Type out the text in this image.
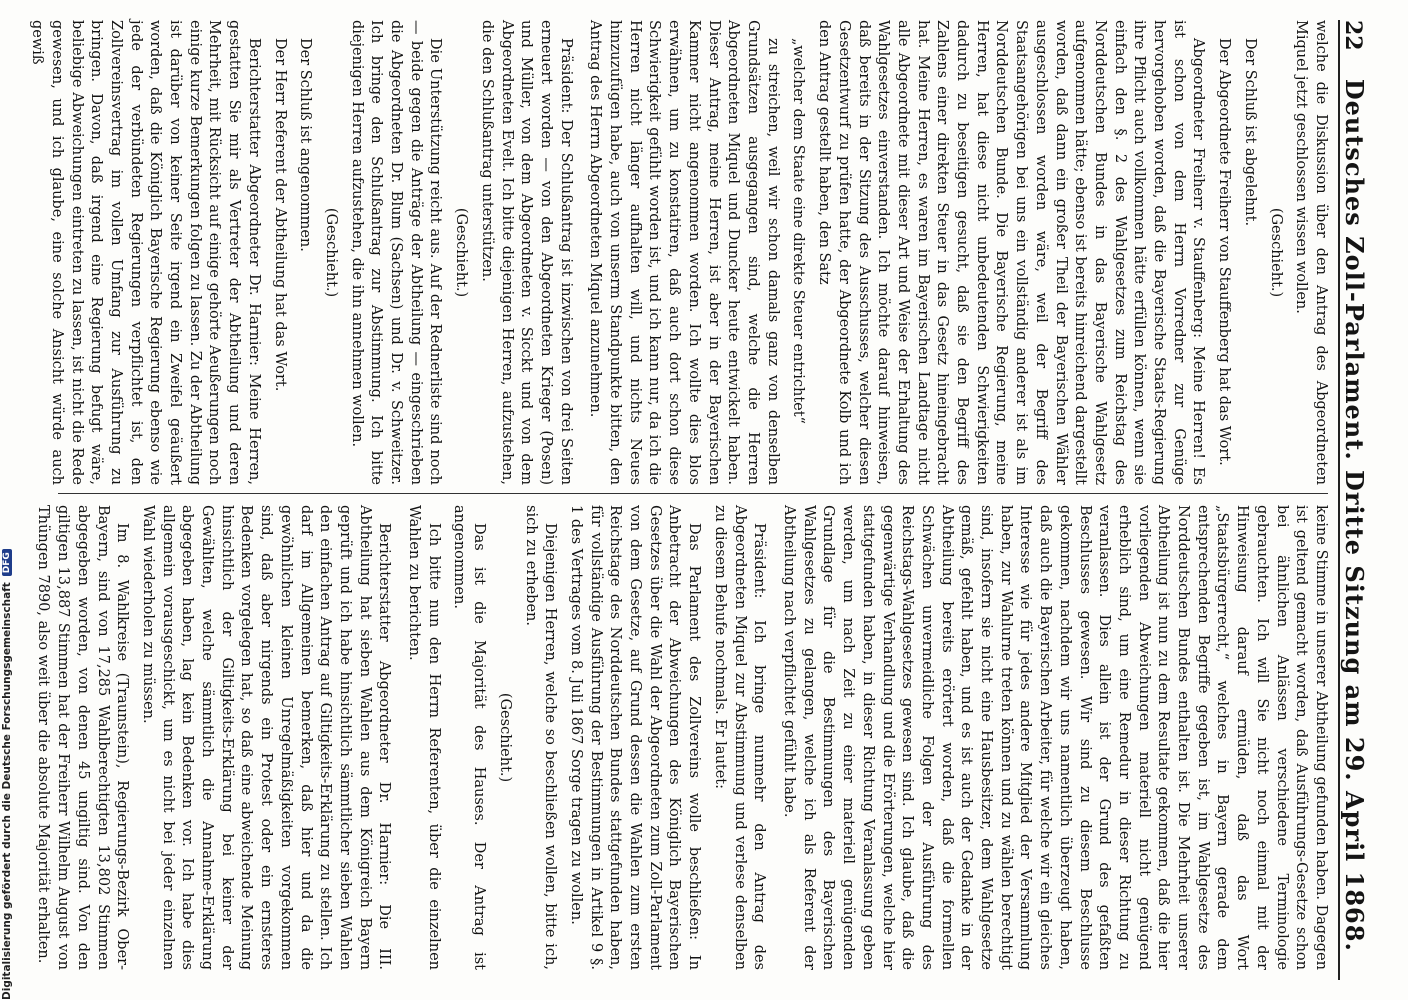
Digitalisierung gefördert durch die Deutsche Forschungsgemeinschaft
DFG
22
Deutsches Zoll-Parlament. Dritte Sitzung am 29. April 1868.

welche die Diskussion über den Antrag des Abgeordneten Miquel jetzt geschlossen wissen wollen.

(Geschieht.)

Der Schluß ist abgelehnt.

Der Abgeordnete Freiherr von Stauffenberg hat das Wort.

Abgeordneter Freiherr v. Stauffenberg: Meine Herren! Es ist schon von dem Herrn Vorredner zur Genüge hervorgehoben worden, daß die Bayerische Staats-Regierung ihre Pflicht auch vollkommen hätte erfüllen können, wenn sie einfach den §. 2 des Wahlgesetzes zum Reichstag des Norddeutschen Bundes in das Bayerische Wahlgesetz aufgenommen hätte; ebenso ist bereits hinreichend dargestellt worden, daß dann ein großer Theil der Bayerischen Wähler ausgeschlossen worden wäre, weil der Begriff des Staatsangehörigen bei uns ein vollständig anderer ist als im Norddeutschen Bunde. Die Bayerische Regierung, meine Herren, hat diese nicht unbedeutenden Schwierigkeiten dadurch zu beseitigen gesucht, daß sie den Begriff des Zahlens einer direkten Steuer in das Gesetz hineingebracht hat. Meine Herren, es waren im Bayerischen Landtage nicht alle Abgeordnete mit dieser Art und Weise der Erhaltung des Wahlgesetzes einverstanden. Ich möchte darauf hinweisen, daß bereits in der Sitzung des Ausschusses, welcher diesen Gesetzentwurf zu prüfen hatte, der Abgeordnete Kolb und ich den Antrag gestellt haben, den Satz

„welcher dem Staate eine direkte Steuer entrichtet“

zu streichen, weil wir schon damals ganz von denselben Grundsätzen ausgegangen sind, welche die Herren Abgeordneten Miquel und Duncker heute entwickelt haben. Dieser Antrag, meine Herren, ist aber in der Bayerischen Kammer nicht angenommen worden. Ich wollte dies blos erwähnen, um zu konstatiren, daß auch dort schon diese Schwierigkeit gefühlt worden ist, und ich kann nur, da ich die Herren nicht länger aufhalten will, und nichts Neues hinzuzufügen habe, auch von unserm Standpunkte bitten, den Antrag des Herrn Abgeordneten Miquel anzunehmen.

Präsident: Der Schlußantrag ist inzwischen von drei Seiten erneuert worden — von den Abgeordneten Krieger (Posen) und Müller, von dem Abgeordneten v. Sicckt und von dem Abgeordneten Evelt. Ich bitte diejenigen Herren, aufzustehen, die den Schlußantrag unterstützen.

(Geschieht.)

Die Unterstützung reicht aus. Auf der Rednerliste sind noch — beide gegen die Anträge der Abtheilung — eingeschrieben die Abgeordneten Dr. Blum (Sachsen) und Dr. v. Schweitzer. Ich bringe den Schlußantrag zur Abstimmung. Ich bitte diejenigen Herren aufzustehen, die ihn annehmen wollen.

(Geschieht.)

Der Schluß ist angenommen.

Der Herr Referent der Abtheilung hat das Wort.

Berichterstatter Abgeordneter Dr. Harnier: Meine Herren, gestatten Sie mir als Vertreter der Abtheilung und deren Mehrheit, mit Rücksicht auf einige gehörte Aeußerungen noch einige kurze Bemerkungen folgen zu lassen. Zu der Abtheilung ist darüber von keiner Seite irgend ein Zweifel geäußert worden, daß die Königlich Bayerische Regierung ebenso wie jede der verbündeten Regierungen verpflichtet ist, den Zollvereinsvertrag im vollen Umfang zur Ausführung zu bringen. Davon, daß irgend eine Regierung befugt wäre, beliebige Abweichungen eintreten zu lassen, ist nicht die Rede gewesen, und ich glaube, eine solche Ansicht würde auch gewiß

keine Stimme in unserer Abtheilung gefunden haben. Dagegen ist geltend gemacht worden, daß Ausführungs-Gesetze schon bei ähnlichen Anlässen verschiedene Terminologie gebrauchten. Ich will Sie nicht noch einmal mit der Hinweisung darauf ermüden, daß das Wort „Staatsbürgerrecht,“ welches in Bayern gerade dem entsprechenden Begriffe gegeben ist, im Wahlgesetze des Norddeutschen Bundes enthalten ist. Die Mehrheit unserer Abtheilung ist nun zu dem Resultate gekommen, daß die hier vorliegenden Abweichungen materiell nicht genügend erheblich sind, um eine Remedur in dieser Richtung zu veranlassen. Dies allein ist der Grund des gefaßten Beschlusses gewesen. Wir sind zu diesem Beschlusse gekommen, nachdem wir uns namentlich überzeugt haben, daß auch die Bayerischen Arbeiter, für welche wir ein gleiches Interesse wie für jedes andere Mitglied der Versammlung haben, zur Wahlurne treten können und zu wählen berechtigt sind, insofern sie nicht eine Hausbesitzer, dem Wahlgesetze gemäß, gefehlt haben, und es ist auch der Gedanke in der Abtheilung bereits erörtert worden, daß die formellen Schwächen unvermeidliche Folgen der Ausführung des Reichstags-Wahlgesetzes gewesen sind. Ich glaube, daß die gegenwärtige Verhandlung und die Erörterungen, welche hier stattgefunden haben, in dieser Richtung Veranlassung geben werden, um nach Zeit zu einer materiell genügenden Grundlage für die Bestimmungen des Bayerischen Wahlgesetzes zu gelangen, welche ich als Referent der Abtheilung nach verpflichtet gefühlt habe.

Präsident: Ich bringe nunmehr den Antrag des Abgeordneten Miquel zur Abstimmung und verlese denselben zu diesem Behufe nochmals. Er lautet:

Das Parlament des Zollvereins wolle beschließen: In Anbetracht der Abweichungen des Königlich Bayerischen Gesetzes über die Wahl der Abgeordneten zum Zoll-Parlament von dem Gesetze, auf Grund dessen die Wahlen zum ersten Reichstage des Norddeutschen Bundes stattgefunden haben, für vollständige Ausführung der Bestimmungen in Artikel 9 §. 1 des Vertrages vom 8. Juli 1867 Sorge tragen zu wollen.

Diejenigen Herren, welche so beschließen wollen, bitte ich, sich zu erheben.

(Geschieht.)

Das ist die Majorität des Hauses. Der Antrag ist angenommen.

Ich bitte nun den Herrn Referenten, über die einzelnen Wahlen zu berichten.

Berichterstatter Abgeordneter Dr. Harnier: Die III. Abtheilung hat sieben Wahlen aus dem Königreich Bayern geprüft und ich habe hinsichtlich sämmtlicher sieben Wahlen den einfachen Antrag auf Giltigkeits-Erklärung zu stellen. Ich darf im Allgemeinen bemerken, daß hier und da die gewöhnlichen kleinen Unregelmäßigkeiten vorgekommen sind, daß aber nirgends ein Protest oder ein ernsteres Bedenken vorgelegen hat, so daß eine abweichende Meinung hinsichtlich der Giltigkeits-Erklärung bei keiner der Gewählten, welche sämmtlich die Annahme-Erklärung abgegeben haben, lag kein Bedenken vor. Ich habe dies allgemein vorausgeschickt, um es nicht bei jeder einzelnen Wahl wiederholen zu müssen.

Im 8. Wahlkreise (Traunstein), Regierungs-Bezirk Ober-Bayern, sind von 17,285 Wahlberechtigten 13,802 Stimmen abgegeben worden, von denen 45 ungiltig sind. Von den giltigen 13,887 Stimmen hat der Freiherr Wilhelm August von Thüngen 7890, also weit über die absolute Majorität erhalten.
